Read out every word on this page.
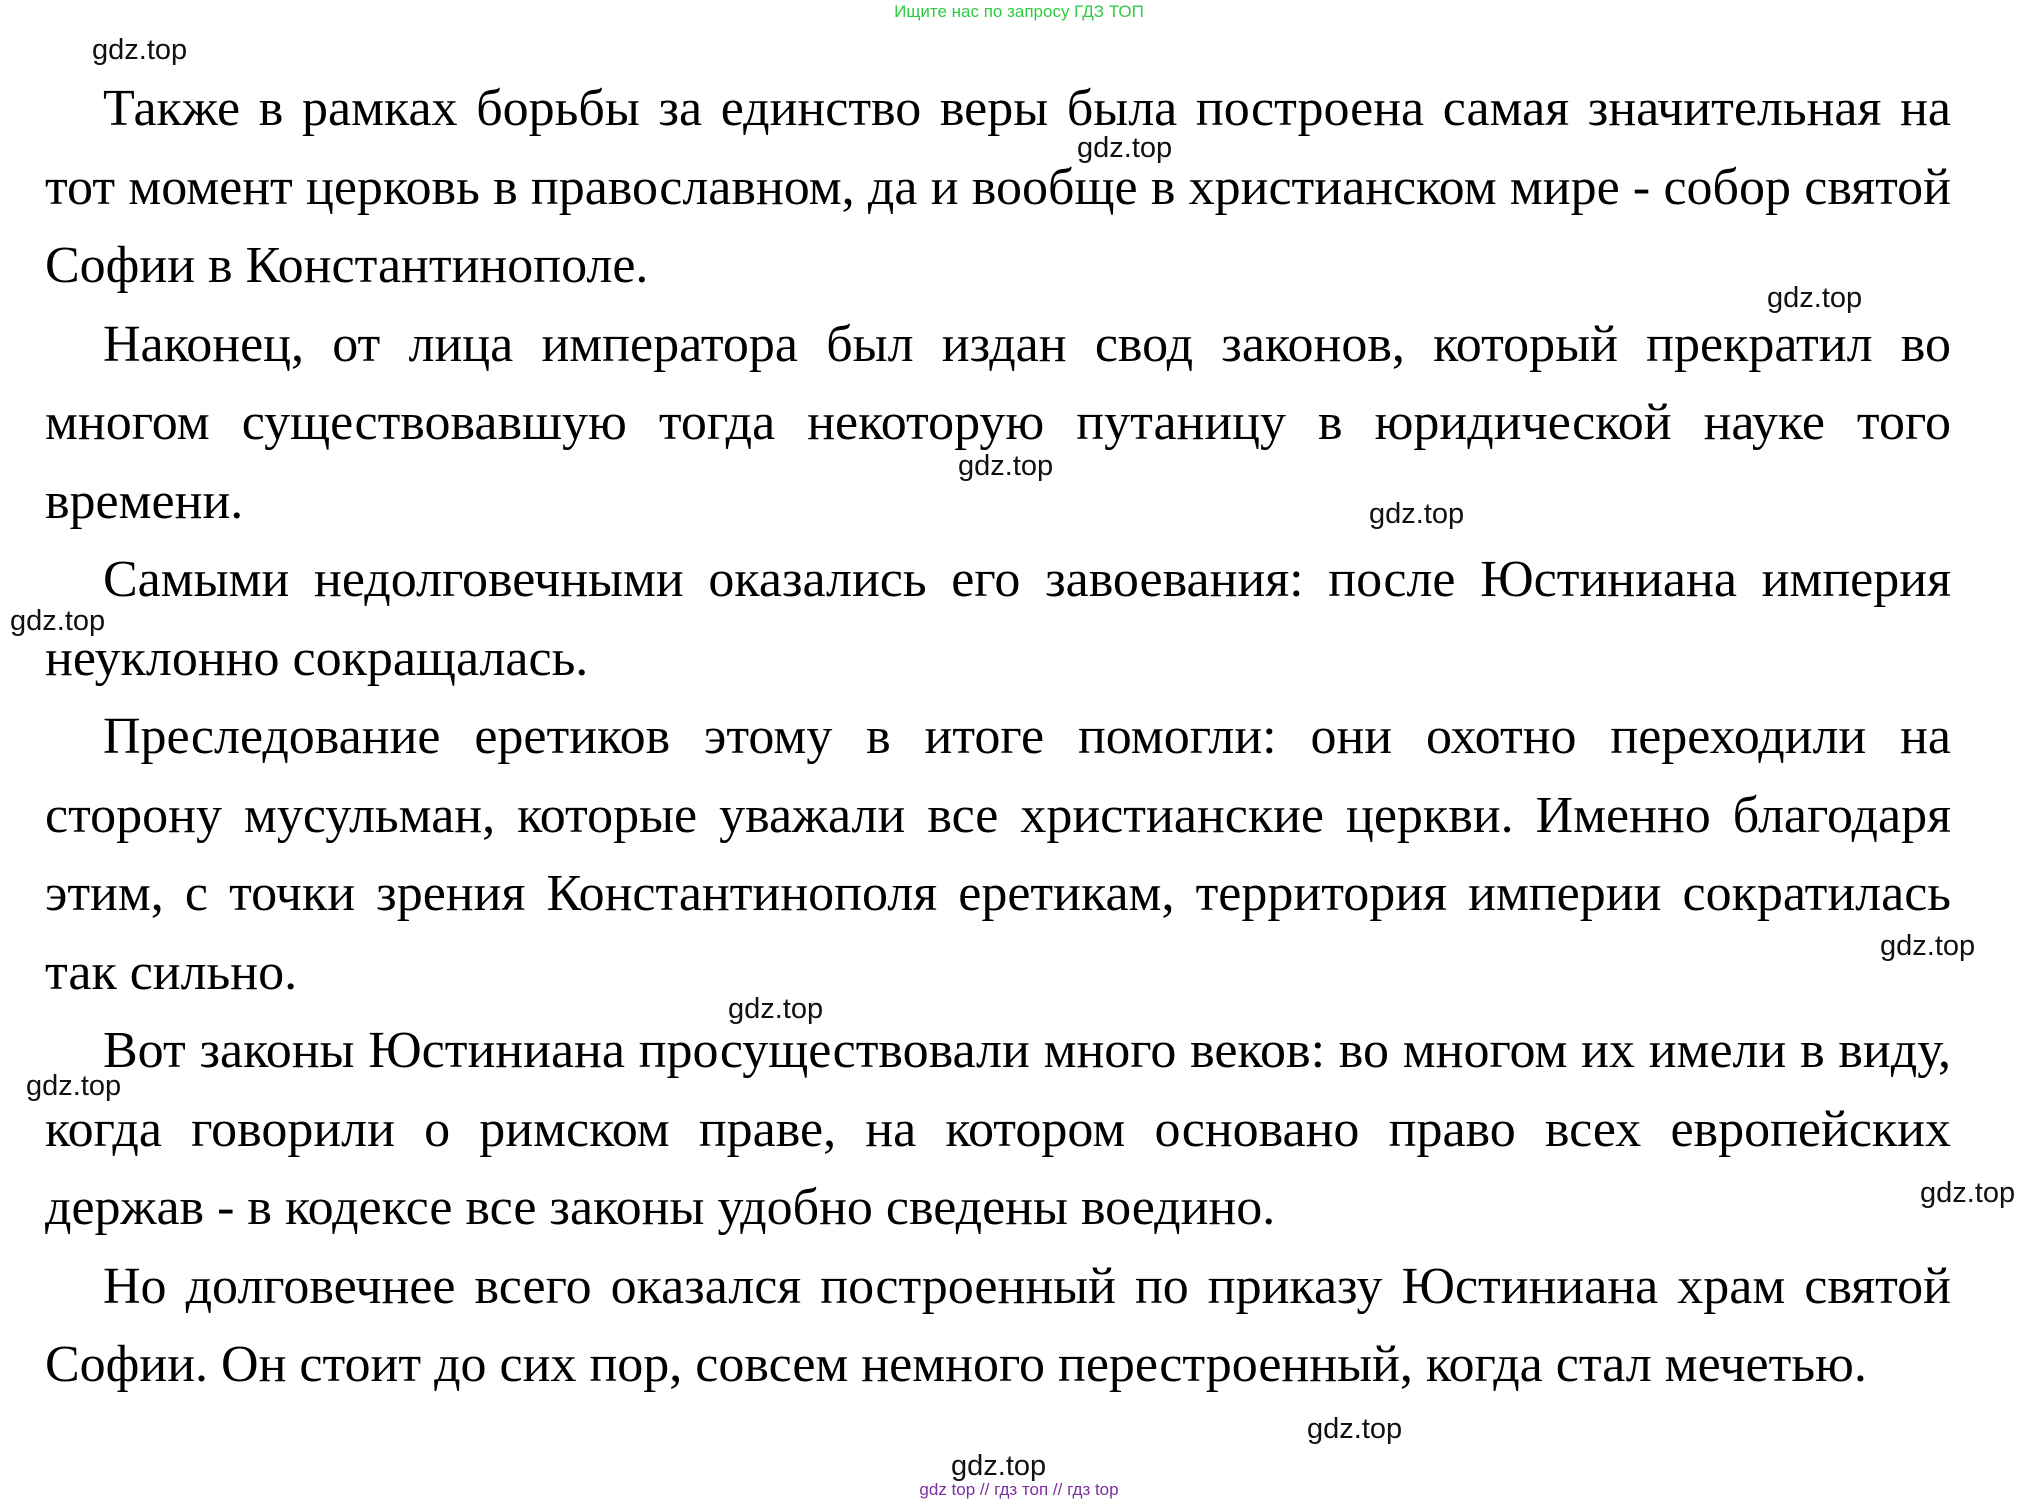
Ищите нас по запросу ГДЗ ТОП

Также в рамках борьбы за единство веры была построена самая значительная на тот момент церковь в православном, да и вообще в христианском мире - собор святой Софии в Константинополе.

Наконец, от лица императора был издан свод законов, который прекратил во многом существовавшую тогда некоторую путаницу в юридической науке того времени.

Самыми недолговечными оказались его завоевания: после Юстиниана империя неуклонно сокращалась.

Преследование еретиков этому в итоге помогли: они охотно переходили на сторону мусульман, которые уважали все христианские церкви. Именно благодаря этим, с точки зрения Константинополя еретикам, территория империи сократилась так сильно.

Вот законы Юстиниана просуществовали много веков: во многом их имели в виду, когда говорили о римском праве, на котором основано право всех европейских держав - в кодексе все законы удобно сведены воедино.

Но долговечнее всего оказался построенный по приказу Юстиниана храм святой Софии. Он стоит до сих пор, совсем немного перестроенный, когда стал мечетью.

gdz.top
gdz.top
gdz.top
gdz.top
gdz.top
gdz.top
gdz.top
gdz.top
gdz.top
gdz.top
gdz.top
gdz.top
gdz top // гдз топ // гдз top
